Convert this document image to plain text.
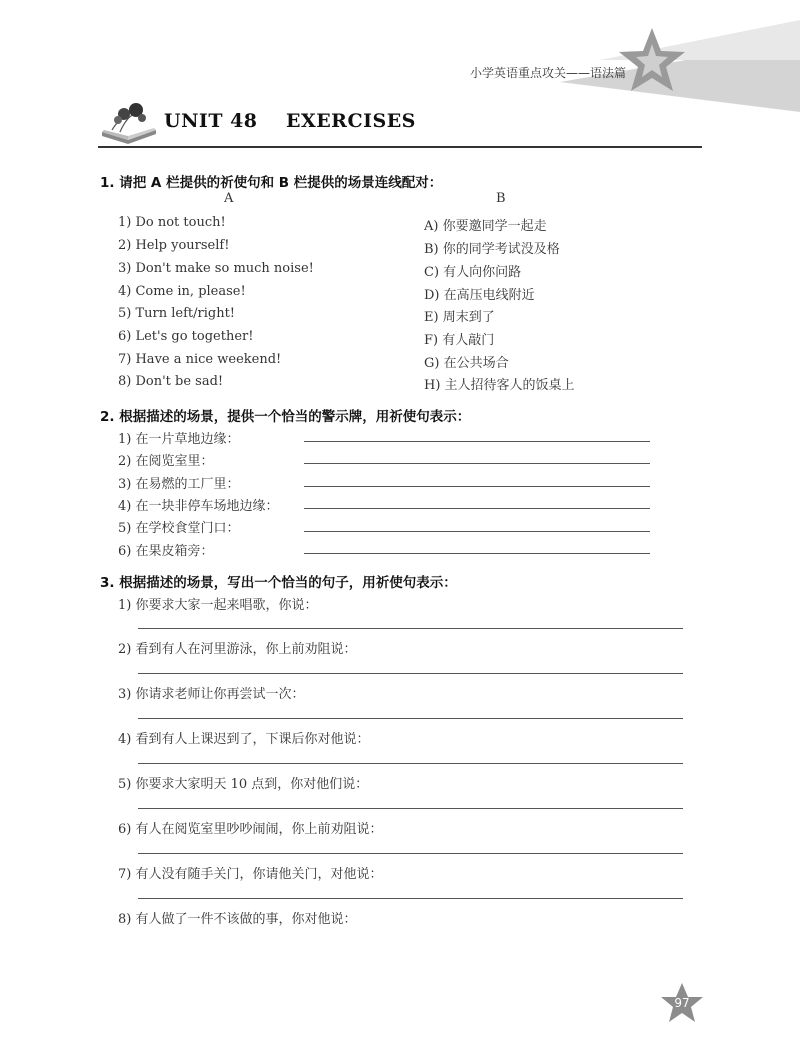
小学英语重点攻关——语法篇
UNIT 48    EXERCISES
1. 请把 A 栏提供的祈使句和 B 栏提供的场景连线配对：
A	B
1) Do not touch!
2) Help yourself!
3) Don't make so much noise!
4) Come in, please!
5) Turn left/right!
6) Let's go together!
7) Have a nice weekend!
8) Don't be sad!
A) 你要邀同学一起走
B) 你的同学考试没及格
C) 有人向你问路
D) 在高压电线附近
E) 周末到了
F) 有人敲门
G) 在公共场合
H) 主人招待客人的饭桌上
2. 根据描述的场景，提供一个恰当的警示牌，用祈使句表示：
1) 在一片草地边缘：
2) 在阅览室里：
3) 在易燃的工厂里：
4) 在一块非停车场地边缘：
5) 在学校食堂门口：
6) 在果皮箱旁：
3. 根据描述的场景，写出一个恰当的句子，用祈使句表示：
1) 你要求大家一起来唱歌，你说：
2) 看到有人在河里游泳，你上前劝阻说：
3) 你请求老师让你再尝试一次：
4) 看到有人上课迟到了，下课后你对他说：
5) 你要求大家明天 10 点到，你对他们说：
6) 有人在阅览室里吵吵闹闹，你上前劝阻说：
7) 有人没有随手关门，你请他关门，对他说：
8) 有人做了一件不该做的事，你对他说：
97
